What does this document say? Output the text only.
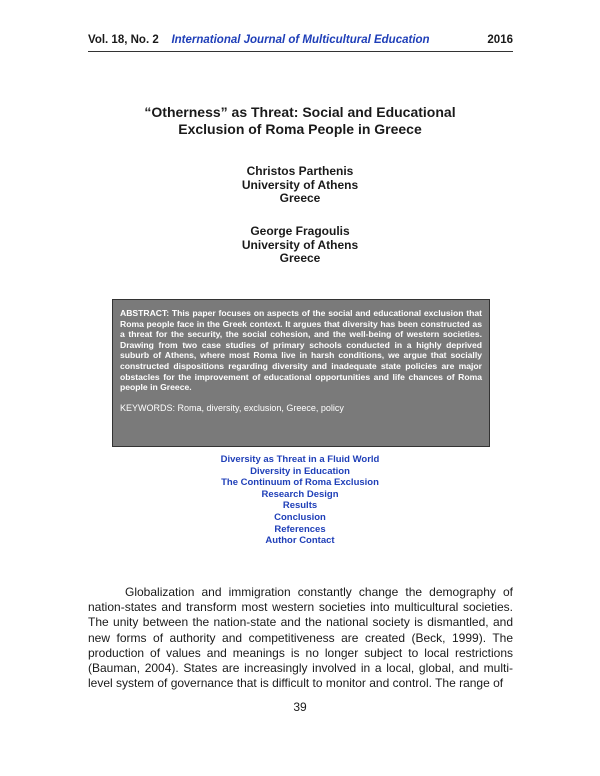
Vol. 18, No. 2	International Journal of Multicultural Education	2016
“Otherness” as Threat: Social and Educational
Exclusion of Roma People in Greece
Christos Parthenis
University of Athens
Greece
George Fragoulis
University of Athens
Greece

ABSTRACT: This paper focuses on aspects of the social and educational exclusion that Roma people face in the Greek context. It argues that diversity has been constructed as a threat for the security, the social cohesion, and the well-being of western societies. Drawing from two case studies of primary schools conducted in a highly deprived suburb of Athens, where most Roma live in harsh conditions, we argue that socially constructed dispositions regarding diversity and inadequate state policies are major obstacles for the improvement of educational opportunities and life chances of Roma people in Greece.

KEYWORDS: Roma, diversity, exclusion, Greece, policy

Diversity as Threat in a Fluid World
Diversity in Education
The Continuum of Roma Exclusion
Research Design
Results
Conclusion
References
Author Contact

Globalization and immigration constantly change the demography of nation-states and transform most western societies into multicultural societies. The unity between the nation-state and the national society is dismantled, and new forms of authority and competitiveness are created (Beck, 1999). The production of values and meanings is no longer subject to local restrictions (Bauman, 2004). States are increasingly involved in a local, global, and multi-level system of governance that is difficult to monitor and control. The range of

39
